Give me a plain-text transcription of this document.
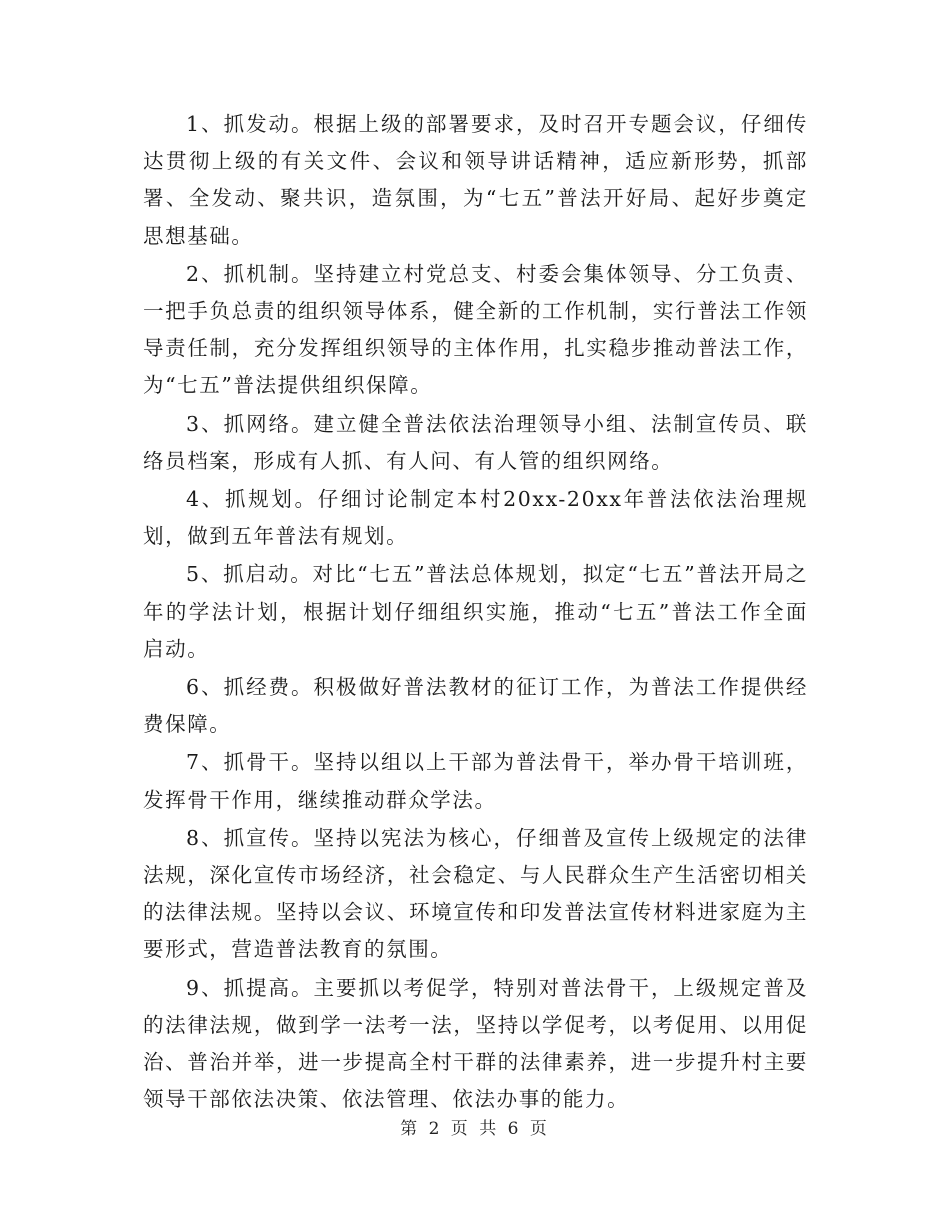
1、抓发动。根据上级的部署要求，及时召开专题会议，仔细传达贯彻上级的有关文件、会议和领导讲话精神，适应新形势，抓部署、全发动、聚共识，造氛围，为“七五”普法开好局、起好步奠定思想基础。

2、抓机制。坚持建立村党总支、村委会集体领导、分工负责、一把手负总责的组织领导体系，健全新的工作机制，实行普法工作领导责任制，充分发挥组织领导的主体作用，扎实稳步推动普法工作，为“七五”普法提供组织保障。

3、抓网络。建立健全普法依法治理领导小组、法制宣传员、联络员档案，形成有人抓、有人问、有人管的组织网络。

4、抓规划。仔细讨论制定本村20xx-20xx年普法依法治理规划，做到五年普法有规划。

5、抓启动。对比“七五”普法总体规划，拟定“七五”普法开局之年的学法计划，根据计划仔细组织实施，推动“七五”普法工作全面启动。

6、抓经费。积极做好普法教材的征订工作，为普法工作提供经费保障。

7、抓骨干。坚持以组以上干部为普法骨干，举办骨干培训班，发挥骨干作用，继续推动群众学法。

8、抓宣传。坚持以宪法为核心，仔细普及宣传上级规定的法律法规，深化宣传市场经济，社会稳定、与人民群众生产生活密切相关的法律法规。坚持以会议、环境宣传和印发普法宣传材料进家庭为主要形式，营造普法教育的氛围。

9、抓提高。主要抓以考促学，特别对普法骨干，上级规定普及的法律法规，做到学一法考一法，坚持以学促考，以考促用、以用促治、普治并举，进一步提高全村干群的法律素养，进一步提升村主要领导干部依法决策、依法管理、依法办事的能力。

第 2 页 共 6 页
